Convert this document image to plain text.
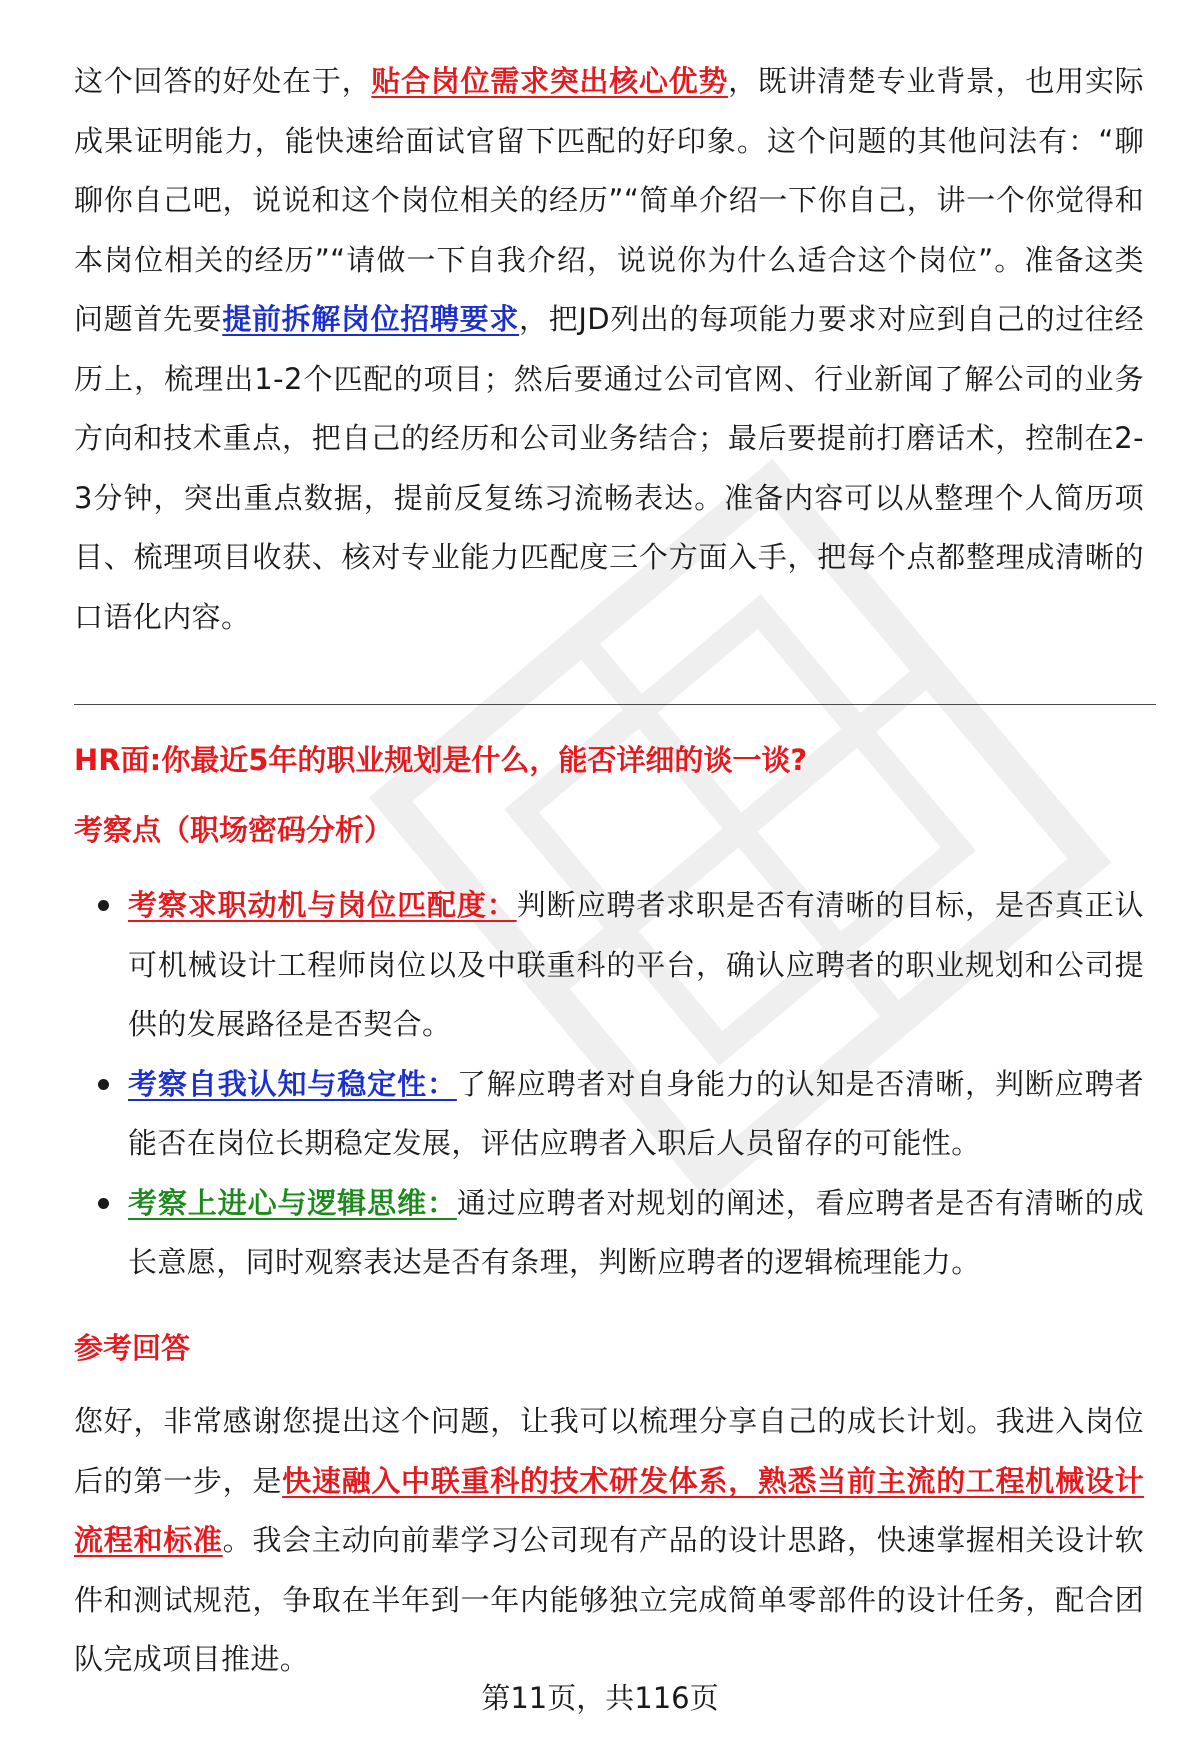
这个回答的好处在于，贴合岗位需求突出核心优势，既讲清楚专业背景，也用实际成果证明能力，能快速给面试官留下匹配的好印象。这个问题的其他问法有：“聊聊你自己吧，说说和这个岗位相关的经历”“简单介绍一下你自己，讲一个你觉得和本岗位相关的经历”“请做一下自我介绍，说说你为什么适合这个岗位”。准备这类问题首先要提前拆解岗位招聘要求，把JD列出的每项能力要求对应到自己的过往经历上，梳理出1-2个匹配的项目；然后要通过公司官网、行业新闻了解公司的业务方向和技术重点，把自己的经历和公司业务结合；最后要提前打磨话术，控制在2-3分钟，突出重点数据，提前反复练习流畅表达。准备内容可以从整理个人简历项目、梳理项目收获、核对专业能力匹配度三个方面入手，把每个点都整理成清晰的口语化内容。

HR面:你最近5年的职业规划是什么，能否详细的谈一谈?

考察点（职场密码分析）

考察求职动机与岗位匹配度：判断应聘者求职是否有清晰的目标，是否真正认可机械设计工程师岗位以及中联重科的平台，确认应聘者的职业规划和公司提供的发展路径是否契合。
考察自我认知与稳定性：了解应聘者对自身能力的认知是否清晰，判断应聘者能否在岗位长期稳定发展，评估应聘者入职后人员留存的可能性。
考察上进心与逻辑思维：通过应聘者对规划的阐述，看应聘者是否有清晰的成长意愿，同时观察表达是否有条理，判断应聘者的逻辑梳理能力。

参考回答

您好，非常感谢您提出这个问题，让我可以梳理分享自己的成长计划。我进入岗位后的第一步，是快速融入中联重科的技术研发体系，熟悉当前主流的工程机械设计流程和标准。我会主动向前辈学习公司现有产品的设计思路，快速掌握相关设计软件和测试规范，争取在半年到一年内能够独立完成简单零部件的设计任务，配合团队完成项目推进。

第11页，共116页
